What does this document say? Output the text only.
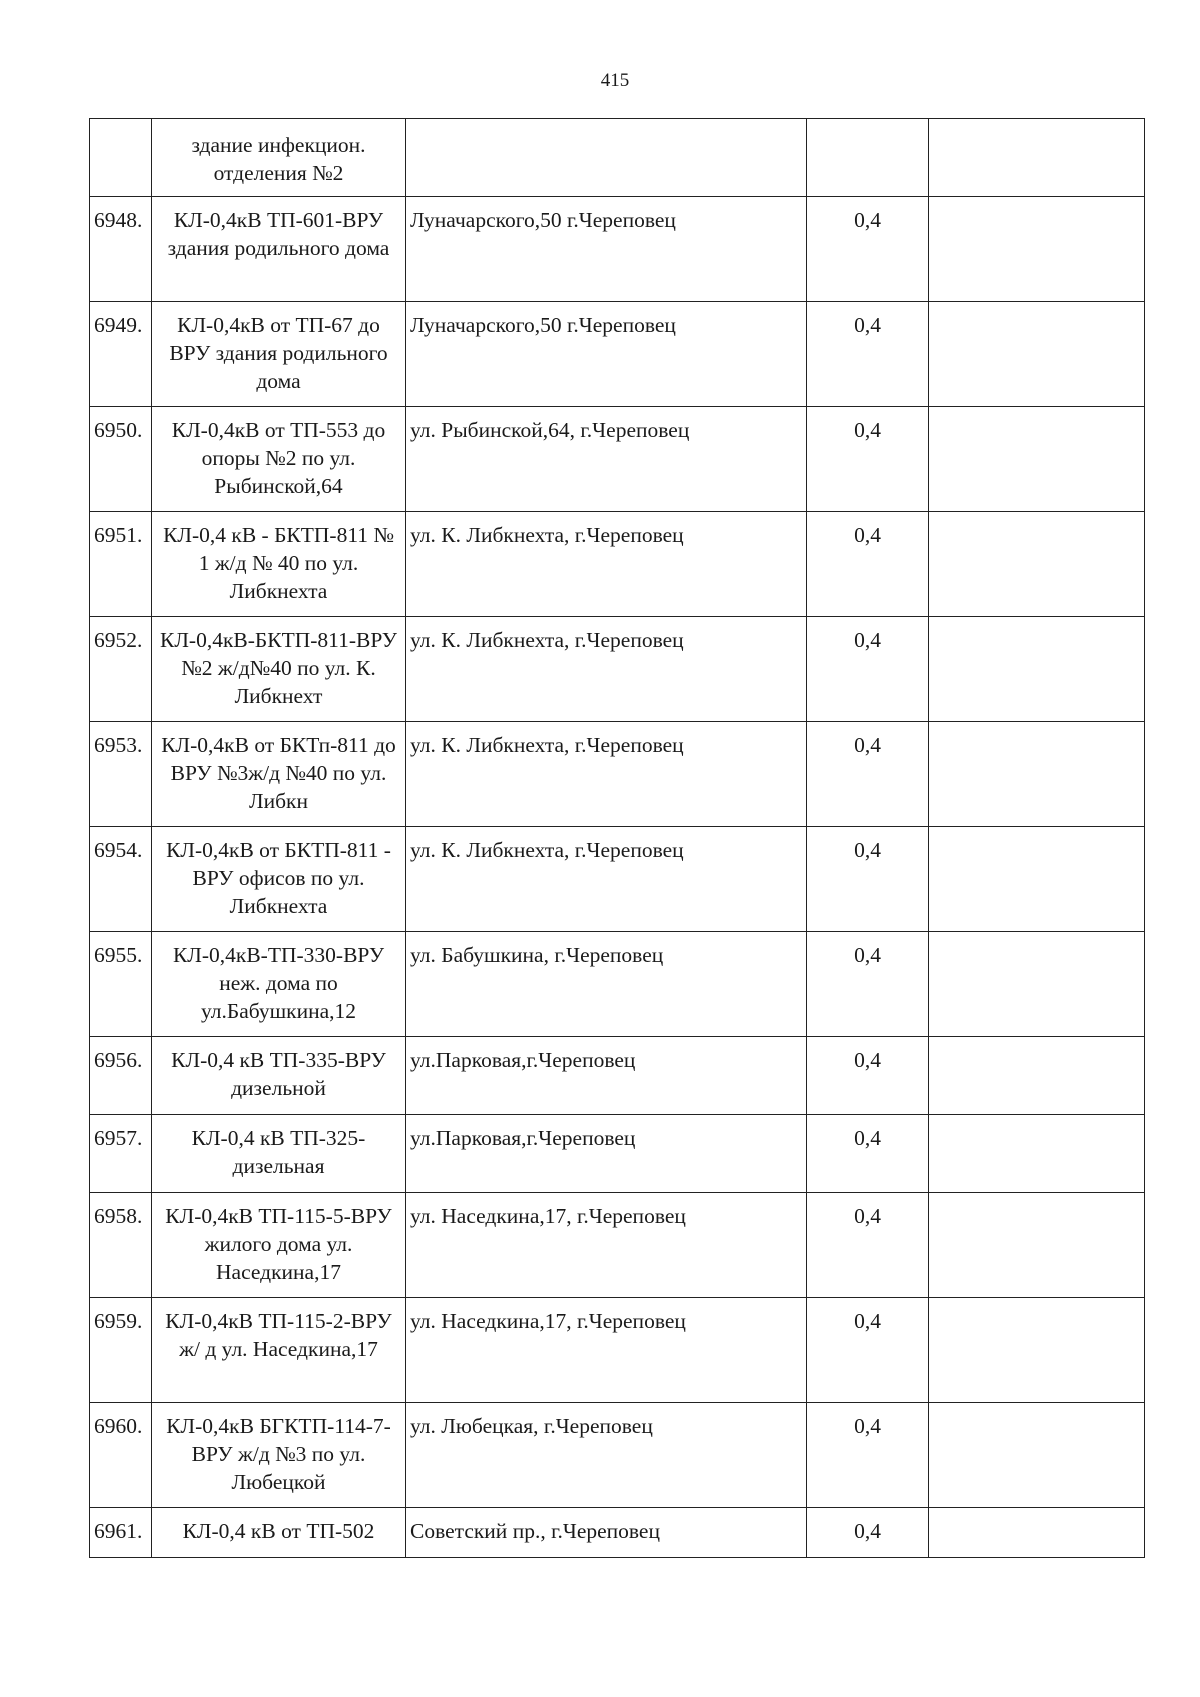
415
	здание инфекцион. отделения №2			
6948.	КЛ-0,4кВ ТП-601-ВРУ здания родильного дома	Луначарского,50 г.Череповец	0,4	
6949.	КЛ-0,4кВ от ТП-67 до ВРУ здания родильного дома	Луначарского,50 г.Череповец	0,4	
6950.	КЛ-0,4кВ от ТП-553 до опоры №2 по ул. Рыбинской,64	ул. Рыбинской,64, г.Череповец	0,4	
6951.	КЛ-0,4 кВ - БКТП-811 № 1 ж/д № 40 по ул. Либкнехта	ул. К. Либкнехта, г.Череповец	0,4	
6952.	КЛ-0,4кВ-БКТП-811-ВРУ №2 ж/д№40 по ул. К. Либкнехт	ул. К. Либкнехта, г.Череповец	0,4	
6953.	КЛ-0,4кВ от БКТп-811 до ВРУ №3ж/д №40 по ул. Либкн	ул. К. Либкнехта, г.Череповец	0,4	
6954.	КЛ-0,4кВ от БКТП-811 - ВРУ офисов по ул. Либкнехта	ул. К. Либкнехта, г.Череповец	0,4	
6955.	КЛ-0,4кВ-ТП-330-ВРУ неж. дома по ул.Бабушкина,12	ул. Бабушкина, г.Череповец	0,4	
6956.	КЛ-0,4 кВ ТП-335-ВРУ дизельной	ул.Парковая,г.Череповец	0,4	
6957.	КЛ-0,4 кВ ТП-325-дизельная	ул.Парковая,г.Череповец	0,4	
6958.	КЛ-0,4кВ ТП-115-5-ВРУ жилого дома ул. Наседкина,17	ул. Наседкина,17, г.Череповец	0,4	
6959.	КЛ-0,4кВ ТП-115-2-ВРУ ж/ д ул. Наседкина,17	ул. Наседкина,17, г.Череповец	0,4	
6960.	КЛ-0,4кВ БГКТП-114-7-ВРУ ж/д №3 по ул. Любецкой	ул. Любецкая, г.Череповец	0,4	
6961.	КЛ-0,4 кВ от ТП-502	Советский пр., г.Череповец	0,4	
